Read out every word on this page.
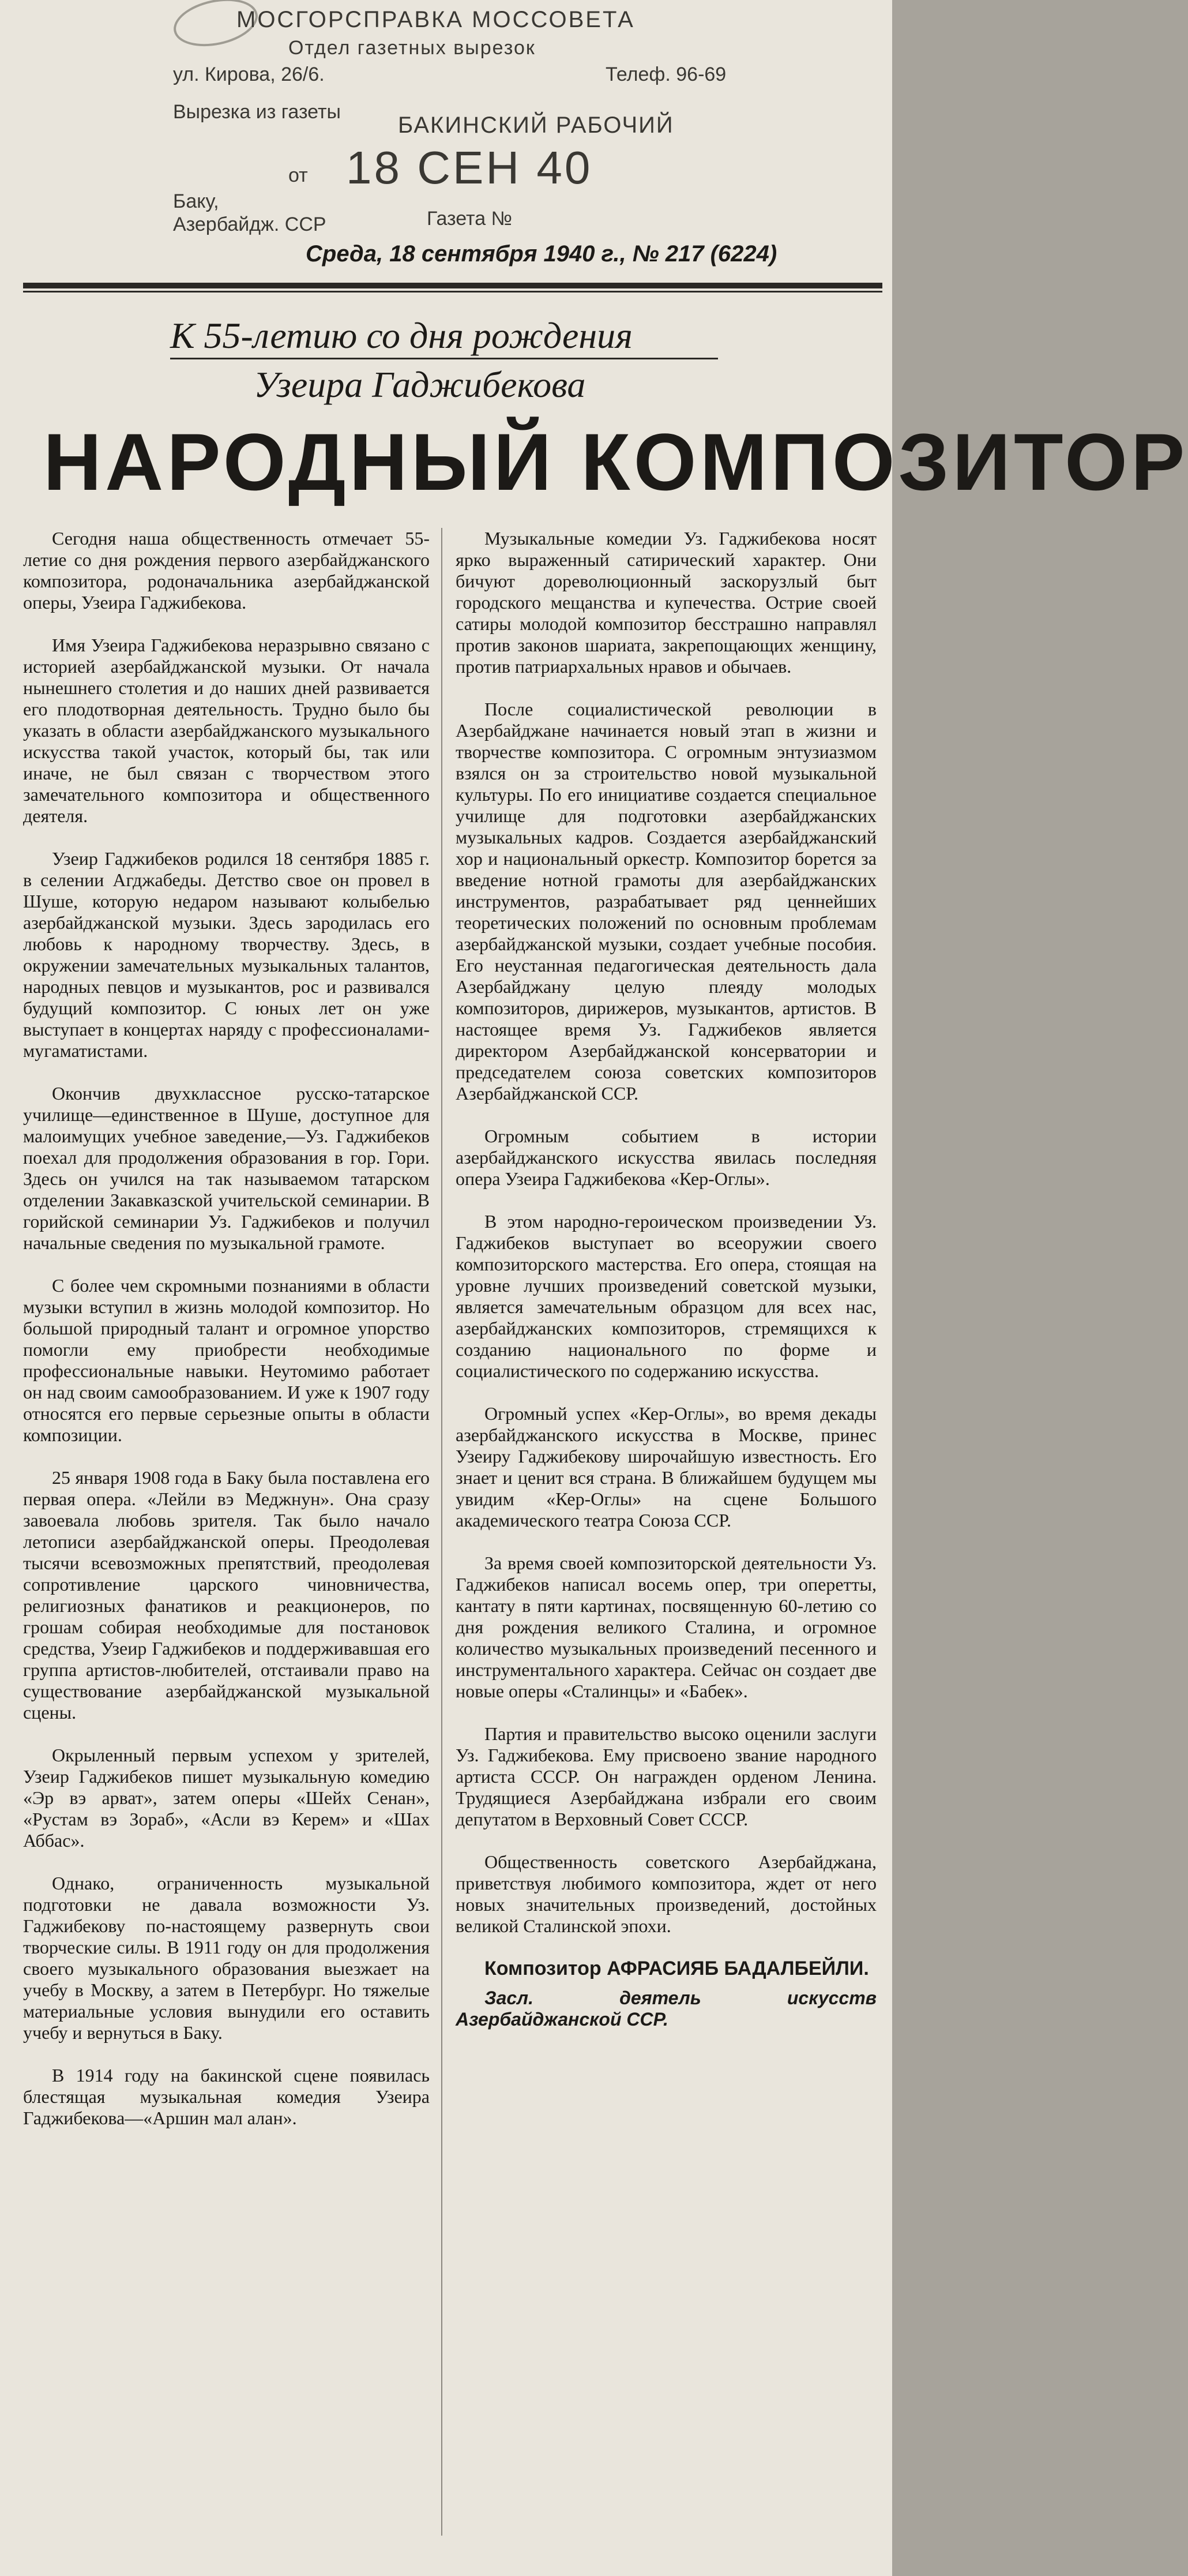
МОСГОРСПРАВКА МОССОВЕТА
Отдел газетных вырезок
ул. Кирова, 26/6.	Телеф. 96-69
Вырезка из газеты
БАКИНСКИЙ РАБОЧИЙ
от 18 СЕН 40
Баку,
Азербайдж. ССР	Газета №
Среда, 18 сентября 1940 г., № 217 (6224)
К 55-летию со дня рождения
Узеира Гаджибекова
НАРОДНЫЙ КОМПОЗИТОР

Сегодня наша общественность отмечает 55-летие со дня рождения первого азербайджанского композитора, родоначальника азербайджанской оперы, Узеира Гаджибекова.

Имя Узеира Гаджибекова неразрывно связано с историей азербайджанской музыки. От начала нынешнего столетия и до наших дней развивается его плодотворная деятельность. Трудно было бы указать в области азербайджанского музыкального искусства такой участок, который бы, так или иначе, не был связан с творчеством этого замечательного композитора и общественного деятеля.

Узеир Гаджибеков родился 18 сентября 1885 г. в селении Агджабеды. Детство свое он провел в Шуше, которую недаром называют колыбелью азербайджанской музыки. Здесь зародилась его любовь к народному творчеству. Здесь, в окружении замечательных музыкальных талантов, народных певцов и музыкантов, рос и развивался будущий композитор. С юных лет он уже выступает в концертах наряду с профессионалами-мугаматистами.

Окончив двухклассное русско-татарское училище—единственное в Шуше, доступное для малоимущих учебное заведение,—Уз. Гаджибеков поехал для продолжения образования в гор. Гори. Здесь он учился на так называемом татарском отделении Закавказской учительской семинарии. В горийской семинарии Уз. Гаджибеков и получил начальные сведения по музыкальной грамоте.

С более чем скромными познаниями в области музыки вступил в жизнь молодой композитор. Но большой природный талант и огромное упорство помогли ему приобрести необходимые профессиональные навыки. Неутомимо работает он над своим самообразованием. И уже к 1907 году относятся его первые серьезные опыты в области композиции.

25 января 1908 года в Баку была поставлена его первая опера. «Лейли вэ Меджнун». Она сразу завоевала любовь зрителя. Так было начало летописи азербайджанской оперы. Преодолевая тысячи всевозможных препятствий, преодолевая сопротивление царского чиновничества, религиозных фанатиков и реакционеров, по грошам собирая необходимые для постановок средства, Узеир Гаджибеков и поддерживавшая его группа артистов-любителей, отстаивали право на существование азербайджанской музыкальной сцены.

Окрыленный первым успехом у зрителей, Узеир Гаджибеков пишет музыкальную комедию «Эр вэ арват», затем оперы «Шейх Сенан», «Рустам вэ Зораб», «Асли вэ Керем» и «Шах Аббас».

Однако, ограниченность музыкальной подготовки не давала возможности Уз. Гаджибекову по-настоящему развернуть свои творческие силы. В 1911 году он для продолжения своего музыкального образования выезжает на учебу в Москву, а затем в Петербург. Но тяжелые материальные условия вынудили его оставить учебу и вернуться в Баку.

В 1914 году на бакинской сцене появилась блестящая музыкальная комедия Узеира Гаджибекова—«Аршин мал алан».

Музыкальные комедии Уз. Гаджибекова носят ярко выраженный сатирический характер. Они бичуют дореволюционный заскорузлый быт городского мещанства и купечества. Острие своей сатиры молодой композитор бесстрашно направлял против законов шариата, закрепощающих женщину, против патриархальных нравов и обычаев.

После социалистической революции в Азербайджане начинается новый этап в жизни и творчестве композитора. С огромным энтузиазмом взялся он за строительство новой музыкальной культуры. По его инициативе создается специальное училище для подготовки азербайджанских музыкальных кадров. Создается азербайджанский хор и национальный оркестр. Композитор борется за введение нотной грамоты для азербайджанских инструментов, разрабатывает ряд ценнейших теоретических положений по основным проблемам азербайджанской музыки, создает учебные пособия. Его неустанная педагогическая деятельность дала Азербайджану целую плеяду молодых композиторов, дирижеров, музыкантов, артистов. В настоящее время Уз. Гаджибеков является директором Азербайджанской консерватории и председателем союза советских композиторов Азербайджанской ССР.

Огромным событием в истории азербайджанского искусства явилась последняя опера Узеира Гаджибекова «Кер-Оглы».

В этом народно-героическом произведении Уз. Гаджибеков выступает во всеоружии своего композиторского мастерства. Его опера, стоящая на уровне лучших произведений советской музыки, является замечательным образцом для всех нас, азербайджанских композиторов, стремящихся к созданию национального по форме и социалистического по содержанию искусства.

Огромный успех «Кер-Оглы», во время декады азербайджанского искусства в Москве, принес Узеиру Гаджибекову широчайшую известность. Его знает и ценит вся страна. В ближайшем будущем мы увидим «Кер-Оглы» на сцене Большого академического театра Союза ССР.

За время своей композиторской деятельности Уз. Гаджибеков написал восемь опер, три оперетты, кантату в пяти картинах, посвященную 60-летию со дня рождения великого Сталина, и огромное количество музыкальных произведений песенного и инструментального характера. Сейчас он создает две новые оперы «Сталинцы» и «Бабек».

Партия и правительство высоко оценили заслуги Уз. Гаджибекова. Ему присвоено звание народного артиста СССР. Он награжден орденом Ленина. Трудящиеся Азербайджана избрали его своим депутатом в Верховный Совет СССР.

Общественность советского Азербайджана, приветствуя любимого композитора, ждет от него новых значительных произведений, достойных великой Сталинской эпохи.

Композитор АФРАСИЯБ БАДАЛБЕЙЛИ.
Засл. деятель искусств Азербайджанской ССР.
